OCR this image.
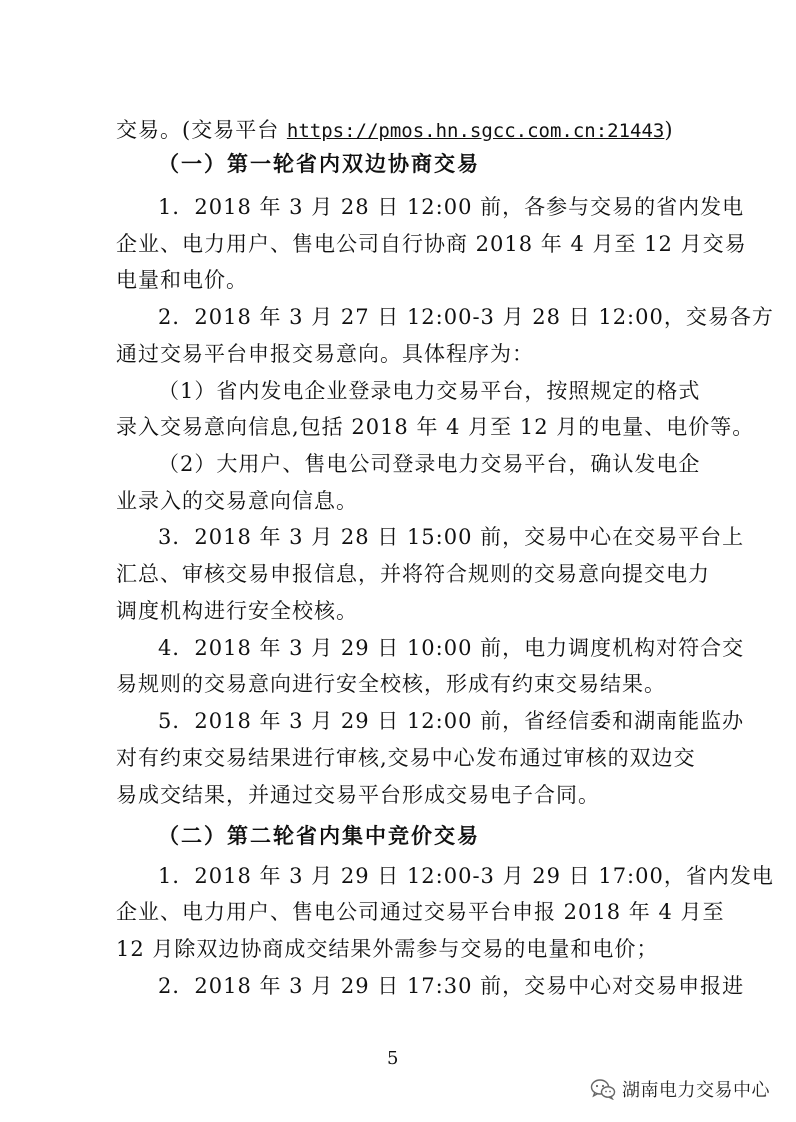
交易。(交易平台 https://pmos.hn.sgcc.com.cn:21443)
（一）第一轮省内双边协商交易
1．2018 年 3 月 28 日 12:00 前，各参与交易的省内发电
企业、电力用户、售电公司自行协商 2018 年 4 月至 12 月交易
电量和电价。
2．2018 年 3 月 27 日 12:00-3 月 28 日 12:00，交易各方
通过交易平台申报交易意向。具体程序为：
（1）省内发电企业登录电力交易平台，按照规定的格式
录入交易意向信息,包括 2018 年 4 月至 12 月的电量、电价等。
（2）大用户、售电公司登录电力交易平台，确认发电企
业录入的交易意向信息。
3．2018 年 3 月 28 日 15:00 前，交易中心在交易平台上
汇总、审核交易申报信息，并将符合规则的交易意向提交电力
调度机构进行安全校核。
4．2018 年 3 月 29 日 10:00 前，电力调度机构对符合交
易规则的交易意向进行安全校核，形成有约束交易结果。
5．2018 年 3 月 29 日 12:00 前，省经信委和湖南能监办
对有约束交易结果进行审核,交易中心发布通过审核的双边交
易成交结果，并通过交易平台形成交易电子合同。
（二）第二轮省内集中竞价交易
1．2018 年 3 月 29 日 12:00-3 月 29 日 17:00，省内发电
企业、电力用户、售电公司通过交易平台申报 2018 年 4 月至
12 月除双边协商成交结果外需参与交易的电量和电价；
2．2018 年 3 月 29 日 17:30 前，交易中心对交易申报进
5
湖南电力交易中心
